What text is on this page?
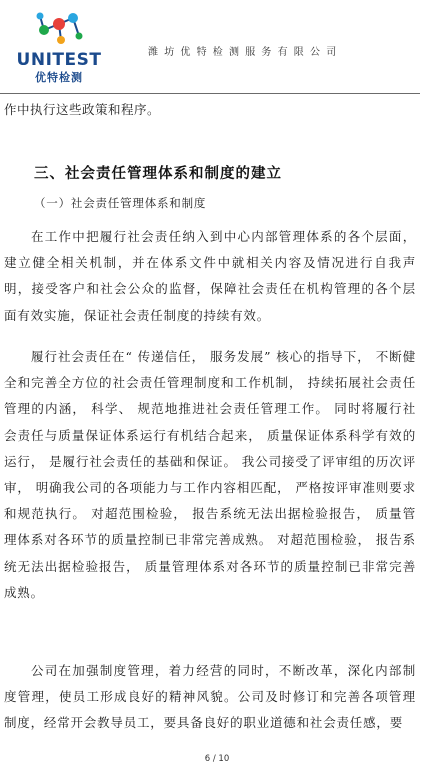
UNITEST
优特检测
潍坊优特检测服务有限公司
作中执行这些政策和程序。
三、社会责任管理体系和制度的建立
（一）社会责任管理体系和制度

在工作中把履行社会责任纳入到中心内部管理体系的各个层面，建立健全相关机制，并在体系文件中就相关内容及情况进行自我声明，接受客户和社会公众的监督，保障社会责任在机构管理的各个层面有效实施，保证社会责任制度的持续有效。

履行社会责任在“ 传递信任， 服务发展” 核心的指导下， 不断健全和完善全方位的社会责任管理制度和工作机制， 持续拓展社会责任管理的内涵， 科学、 规范地推进社会责任管理工作。 同时将履行社会责任与质量保证体系运行有机结合起来， 质量保证体系科学有效的运行， 是履行社会责任的基础和保证。 我公司接受了评审组的历次评审， 明确我公司的各项能力与工作内容相匹配， 严格按评审准则要求和规范执行。 对超范围检验， 报告系统无法出据检验报告， 质量管理体系对各环节的质量控制已非常完善成熟。 对超范围检验， 报告系统无法出据检验报告， 质量管理体系对各环节的质量控制已非常完善成熟。

公司在加强制度管理，着力经营的同时，不断改革，深化内部制度管理，使员工形成良好的精神风貌。公司及时修订和完善各项管理制度，经常开会教导员工，要具备良好的职业道德和社会责任感，要

6 / 10
